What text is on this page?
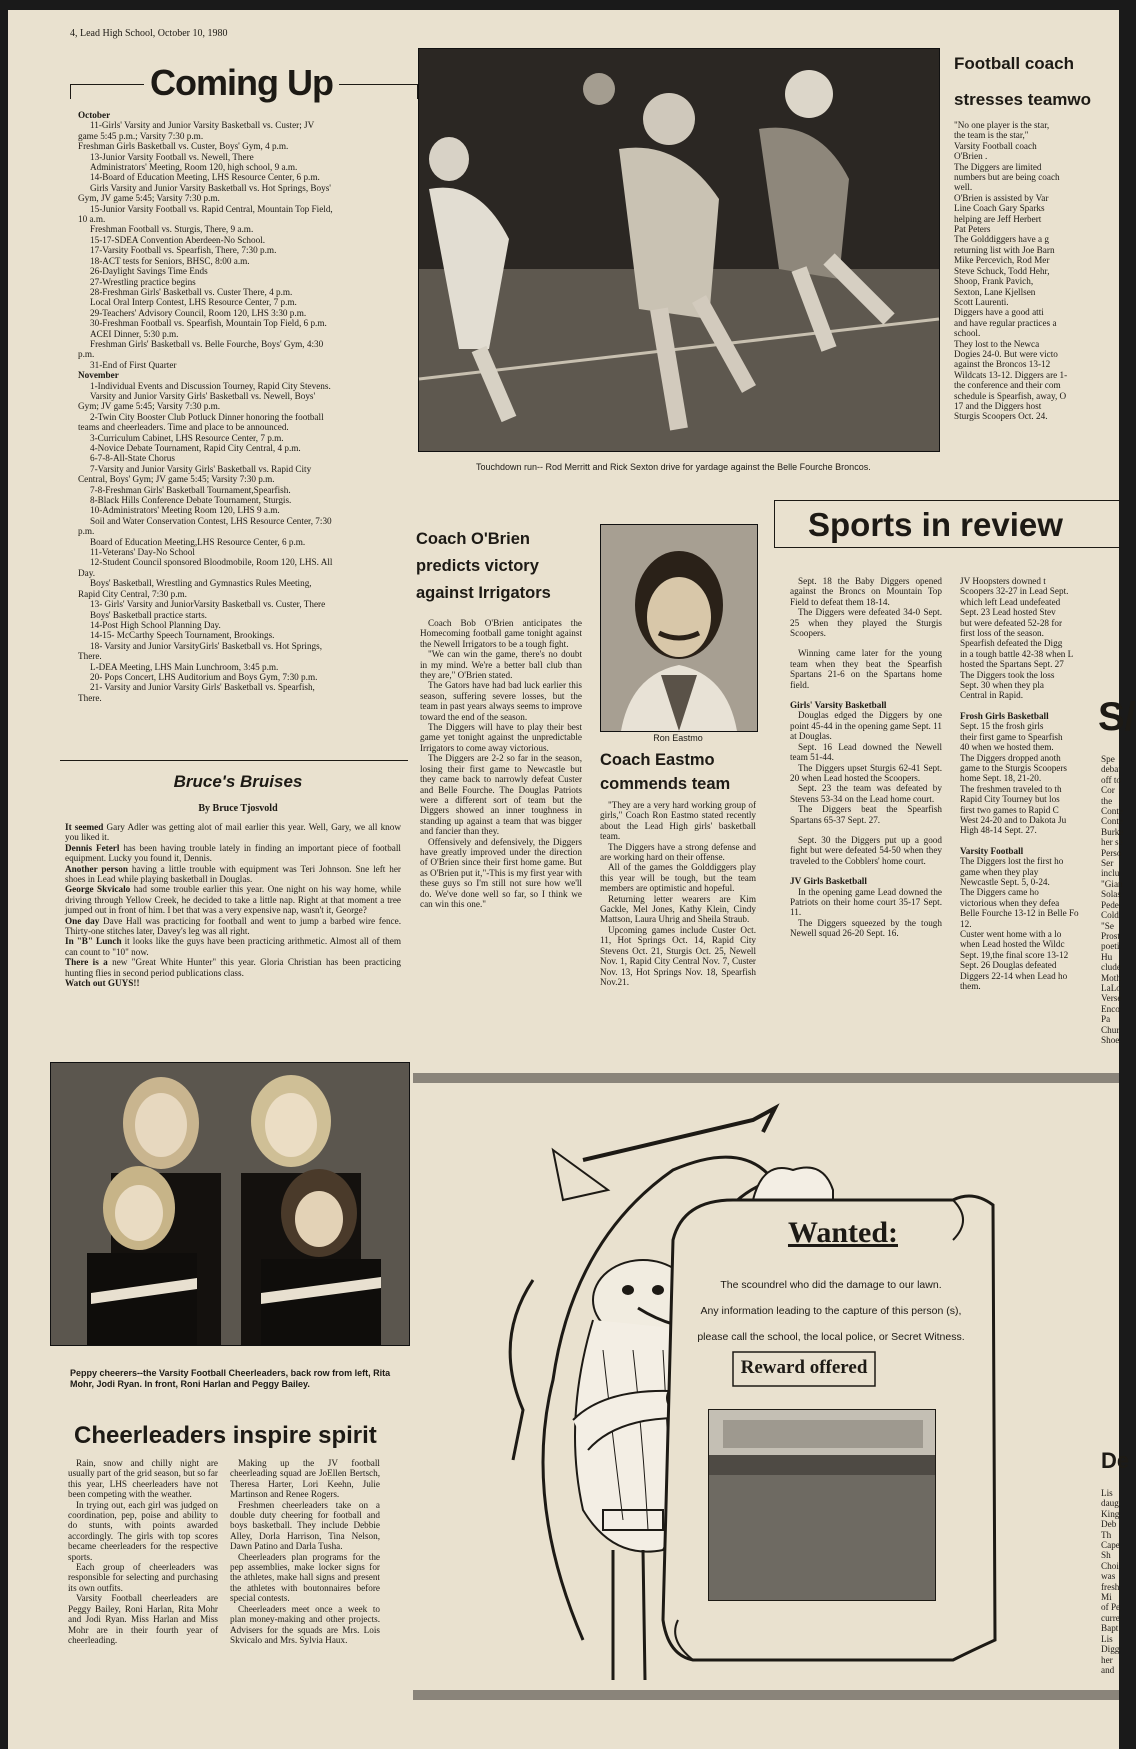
4, Lead High School, October 10, 1980
Coming Up
October
11-Girls' Varsity and Junior Varsity Basketball vs. Custer; JV
game 5:45 p.m.; Varsity 7:30 p.m.
Freshman Girls Basketball vs. Custer, Boys' Gym, 4 p.m.
13-Junior Varsity Football vs. Newell, There
Administrators' Meeting, Room 120, high school, 9 a.m.
14-Board of Education Meeting, LHS Resource Center, 6 p.m.
Girls Varsity and Junior Varsity Basketball vs. Hot Springs, Boys'
Gym, JV game 5:45; Varsity 7:30 p.m.
15-Junior Varsity Football vs. Rapid Central, Mountain Top Field,
10 a.m.
Freshman Football vs. Sturgis, There, 9 a.m.
15-17-SDEA Convention Aberdeen-No School.
17-Varsity Football vs. Spearfish, There, 7:30 p.m.
18-ACT tests for Seniors, BHSC, 8:00 a.m.
26-Daylight Savings Time Ends
27-Wrestling practice begins
28-Freshman Girls' Basketball vs. Custer There, 4 p.m.
Local Oral Interp Contest, LHS Resource Center, 7 p.m.
29-Teachers' Advisory Council, Room 120, LHS 3:30 p.m.
30-Freshman Football vs. Spearfish, Mountain Top Field, 6 p.m.
ACEI Dinner, 5:30 p.m.
Freshman Girls' Basketball vs. Belle Fourche, Boys' Gym, 4:30
p.m.
31-End of First Quarter
November
1-Individual Events and Discussion Tourney, Rapid City Stevens.
Varsity and Junior Varsity Girls' Basketball vs. Newell, Boys'
Gym; JV game 5:45; Varsity 7:30 p.m.
2-Twin City Booster Club Potluck Dinner honoring the football
teams and cheerleaders. Time and place to be announced.
3-Curriculum Cabinet, LHS Resource Center, 7 p.m.
4-Novice Debate Tournament, Rapid City Central, 4 p.m.
6-7-8-All-State Chorus
7-Varsity and Junior Varsity Girls' Basketball vs. Rapid City
Central, Boys' Gym; JV game 5:45; Varsity 7:30 p.m.
7-8-Freshman Girls' Basketball Tournament,Spearfish.
8-Black Hills Conference Debate Tournament, Sturgis.
10-Administrators' Meeting Room 120, LHS 9 a.m.
Soil and Water Conservation Contest, LHS Resource Center, 7:30
p.m.
Board of Education Meeting,LHS Resource Center, 6 p.m.
11-Veterans' Day-No School
12-Student Council sponsored Bloodmobile, Room 120, LHS. All
Day.
Boys' Basketball, Wrestling and Gymnastics Rules Meeting,
Rapid City Central, 7:30 p.m.
13- Girls' Varsity and JuniorVarsity Basketball vs. Custer, There
Boys' Basketball practice starts.
14-Post High School Planning Day.
14-15- McCarthy Speech Tournament, Brookings.
18- Varsity and Junior VarsityGirls' Basketball vs. Hot Springs,
There.
L-DEA Meeting, LHS Main Lunchroom, 3:45 p.m.
20- Pops Concert, LHS Auditorium and Boys Gym, 7:30 p.m.
21- Varsity and Junior Varsity Girls' Basketball vs. Spearfish,
There.
Bruce's Bruises
By Bruce Tjosvold

It seemed Gary Adler was getting alot of mail earlier this year. Well, Gary, we all know you liked it.

Dennis Feterl has been having trouble lately in finding an important piece of football equipment. Lucky you found it, Dennis.

Another person having a little trouble with equipment was Teri Johnson. Sne left her shoes in Lead while playing basketball in Douglas.

George Skvicalo had some trouble earlier this year. One night on his way home, while driving through Yellow Creek, he decided to take a little nap. Right at that moment a tree jumped out in front of him. I bet that was a very expensive nap, wasn't it, George?

One day Dave Hall was practicing for football and went to jump a barbed wire fence. Thirty-one stitches later, Davey's leg was all right.

In "B" Lunch it looks like the guys have been practicing arithmetic. Almost all of them can count to "10" now.

There is a new "Great White Hunter" this year. Gloria Christian has been practicing hunting flies in second period publications class.

Watch out GUYS!!

Peppy cheerers--the Varsity Football Cheerleaders, back row from left, Rita Mohr, Jodi Ryan. In front, Roni Harlan and Peggy Bailey.
Cheerleaders inspire spirit

Rain, snow and chilly night are usually part of the grid season, but so far this year, LHS cheerleaders have not been competing with the weather.

In trying out, each girl was judged on coordination, pep, poise and ability to do stunts, with points awarded accordingly. The girls with top scores became cheerleaders for the respective sports.

Each group of cheerleaders was responsible for selecting and purchasing its own outfits.

Varsity Football cheerleaders are Peggy Bailey, Roni Harlan, Rita Mohr and Jodi Ryan. Miss Harlan and Miss Mohr are in their fourth year of cheerleading.

Making up the JV football cheerleading squad are JoEllen Bertsch, Theresa Harter, Lori Keehn, Julie Martinson and Renee Rogers.

Freshmen cheerleaders take on a double duty cheering for football and boys basketball. They include Debbie Alley, Dorla Harrison, Tina Nelson, Dawn Patino and Darla Tusha.

Cheerleaders plan programs for the pep assemblies, make locker signs for the athletes, make hall signs and present the athletes with boutonnaires before special contests.

Cheerleaders meet once a week to plan money-making and other projects. Advisers for the squads are Mrs. Lois Skvicalo and Mrs. Sylvia Haux.

Touchdown run-- Rod Merritt and Rick Sexton drive for yardage against the Belle Fourche Broncos.
Football coach
stresses teamwo
"No one player is the star,
the team is the star,"
Varsity Football coach
O'Brien .
The Diggers are limited
numbers but are being coach
well.
O'Brien is assisted by Var
Line Coach Gary Sparks
helping are Jeff Herbert
Pat Peters
The Golddiggers have a g
returning list with Joe Barn
Mike Percevich, Rod Mer
Steve Schuck, Todd Hehr,
Shoop, Frank Pavich,
Sexton, Lane Kjellsen
Scott Laurenti.
Diggers have a good atti
and have regular practices a
school.
They lost to the Newca
Dogies 24-0. But were victo
against the Broncos 13-12
Wildcats 13-12. Diggers are 1-
the conference and their com
schedule is Spearfish, away, O
17 and the Diggers host
Sturgis Scoopers Oct. 24.
Coach O'Brien
predicts victory
against Irrigators

Coach Bob O'Brien anticipates the Homecoming football game tonight against the Newell Irrigators to be a tough fight.

"We can win the game, there's no doubt in my mind. We're a better ball club than they are," O'Brien stated.

The Gators have had bad luck earlier this season, suffering severe losses, but the team in past years always seems to improve toward the end of the season.

The Diggers will have to play their best game yet tonight against the unpredictable Irrigators to come away victorious.

The Diggers are 2-2 so far in the season, losing their first game to Newcastle but they came back to narrowly defeat Custer and Belle Fourche. The Douglas Patriots were a different sort of team but the Diggers showed an inner toughness in standing up against a team that was bigger and fancier than they.

Offensively and defensively, the Diggers have greatly improved under the direction of O'Brien since their first home game. But as O'Brien put it,"-This is my first year with these guys so I'm still not sure how we'll do. We've done well so far, so I think we can win this one."

Ron Eastmo
Coach Eastmo
commends team

"They are a very hard working group of girls," Coach Ron Eastmo stated recently about the Lead High girls' basketball team.

The Diggers have a strong defense and are working hard on their offense.

All of the games the Golddiggers play this year will be tough, but the team members are optimistic and hopeful.

Returning letter wearers are Kim Gackle, Mel Jones, Kathy Klein, Cindy Mattson, Laura Uhrig and Sheila Straub.

Upcoming games include Custer Oct. 11, Hot Springs Oct. 14, Rapid City Stevens Oct. 21, Sturgis Oct. 25, Newell Nov. 1, Rapid City Central Nov. 7, Custer Nov. 13, Hot Springs Nov. 18, Spearfish Nov.21.

Sports in review

Sept. 18 the Baby Diggers opened against the Broncs on Mountain Top Field to defeat them 18-14.

The Diggers were defeated 34-0 Sept. 25 when they played the Sturgis Scoopers.

Winning came later for the young team when they beat the Spearfish Spartans 21-6 on the Spartans home field.

Girls' Varsity Basketball

Douglas edged the Diggers by one point 45-44 in the opening game Sept. 11 at Douglas.

Sept. 16 Lead downed the Newell team 51-44.

The Diggers upset Sturgis 62-41 Sept. 20 when Lead hosted the Scoopers.

Sept. 23 the team was defeated by Stevens 53-34 on the Lead home court.

The Diggers beat the Spearfish Spartans 65-37 Sept. 27.

Sept. 30 the Diggers put up a good fight but were defeated 54-50 when they traveled to the Cobblers' home court.

JV Girls Basketball

In the opening game Lead downed the Patriots on their home court 35-17 Sept. 11.

The Diggers squeezed by the tough Newell squad 26-20 Sept. 16.

JV Hoopsters downed t
Scoopers 32-27 in Lead Sept.
which left Lead undefeated
Sept. 23 Lead hosted Stev
but were defeated 52-28 for
first loss of the season.
Spearfish defeated the Digg
in a tough battle 42-38 when L
hosted the Spartans Sept. 27
The Diggers took the loss
Sept. 30 when they pla
Central in Rapid.
Frosh Girls Basketball
Sept. 15 the frosh girls
their first game to Spearfish
40 when we hosted them.
The Diggers dropped anoth
game to the Sturgis Scoopers
home Sept. 18, 21-20.
The freshmen traveled to th
Rapid City Tourney but los
first two games to Rapid C
West 24-20 and to Dakota Ju
High 48-14 Sept. 27.
Varsity Football
The Diggers lost the first ho
game when they play
Newcastle Sept. 5, 0-24.
The Diggers came ho
victorious when they defea
Belle Fourche 13-12 in Belle Fo
12.
Custer went home with a lo
when Lead hosted the Wildc
Sept. 19,the final score 13-12
Sept. 26 Douglas defeated
Diggers 22-14 when Lead ho
them.
S/
Spe
debat
off to
Cor
the
Conte
Conte
Burke
her se
Perso
Ser
inclu
"Gian
Solas
Pede
Cold
"Se
Prost
poeti
Hu
clude
Moth
LaLo
Verse
Enco
Pa
Chur
Shoe
De
Lis
daug
King
Deb
Th
Cape
Sh
Choi
was
fresh
Mi
of Pe
curre
Bapt
Lis
Digg
her
and
Wanted:
The scoundrel who did the damage to our lawn.
Any information leading to the capture of this person (s),
please call the school, the local police, or Secret Witness.
Reward offered
